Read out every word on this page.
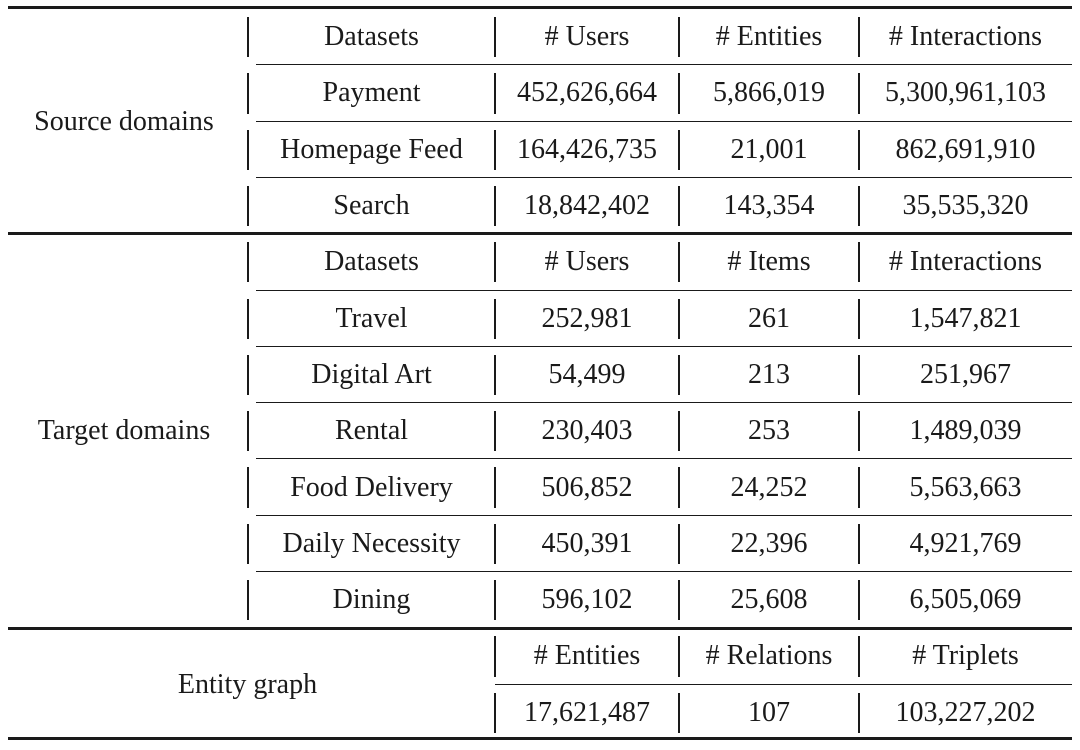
Datasets	# Users	# Entities	# Interactions
Payment	452,626,664	5,866,019	5,300,961,103
Homepage Feed	164,426,735	21,001	862,691,910
Search	18,842,402	143,354	35,535,320
Source domains
Datasets	# Users	# Items	# Interactions
Travel	252,981	261	1,547,821
Digital Art	54,499	213	251,967
Rental	230,403	253	1,489,039
Food Delivery	506,852	24,252	5,563,663
Daily Necessity	450,391	22,396	4,921,769
Dining	596,102	25,608	6,505,069
Target domains
# Entities	# Relations	# Triplets
17,621,487	107	103,227,202
Entity graph
